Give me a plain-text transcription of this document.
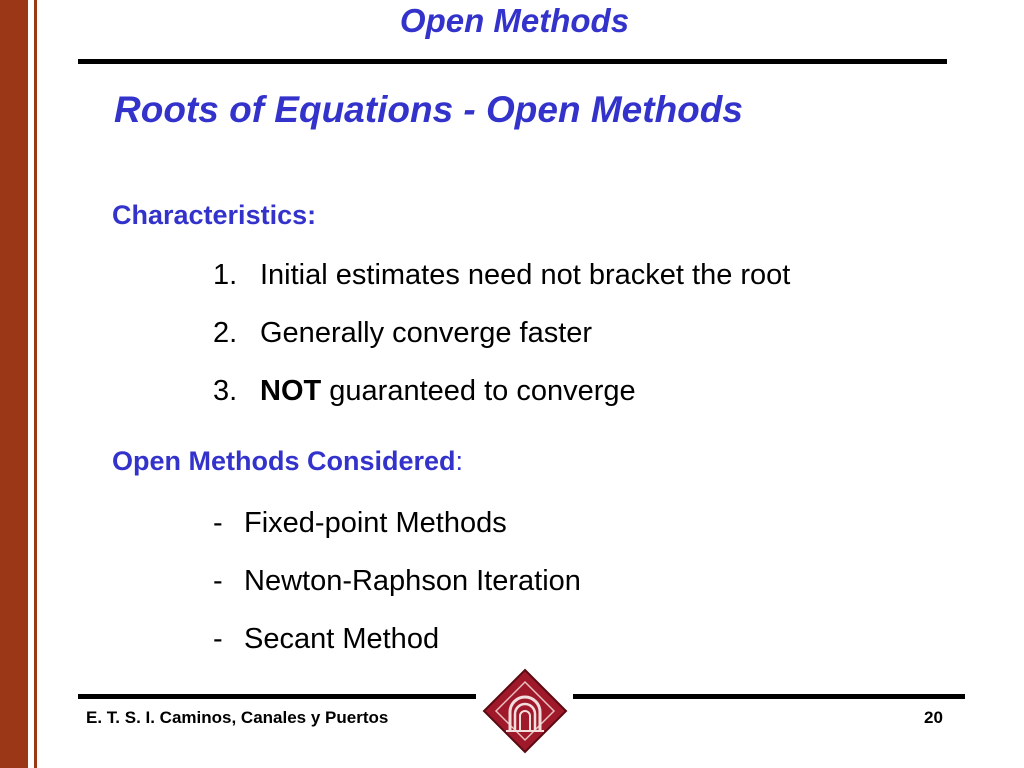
Open Methods
Roots of Equations - Open Methods
Characteristics:
1. Initial estimates need not bracket the root
2. Generally converge faster
3. NOT guaranteed to converge
Open Methods Considered:
- Fixed-point Methods
- Newton-Raphson Iteration
- Secant Method
E. T. S. I. Caminos, Canales y Puertos	20
